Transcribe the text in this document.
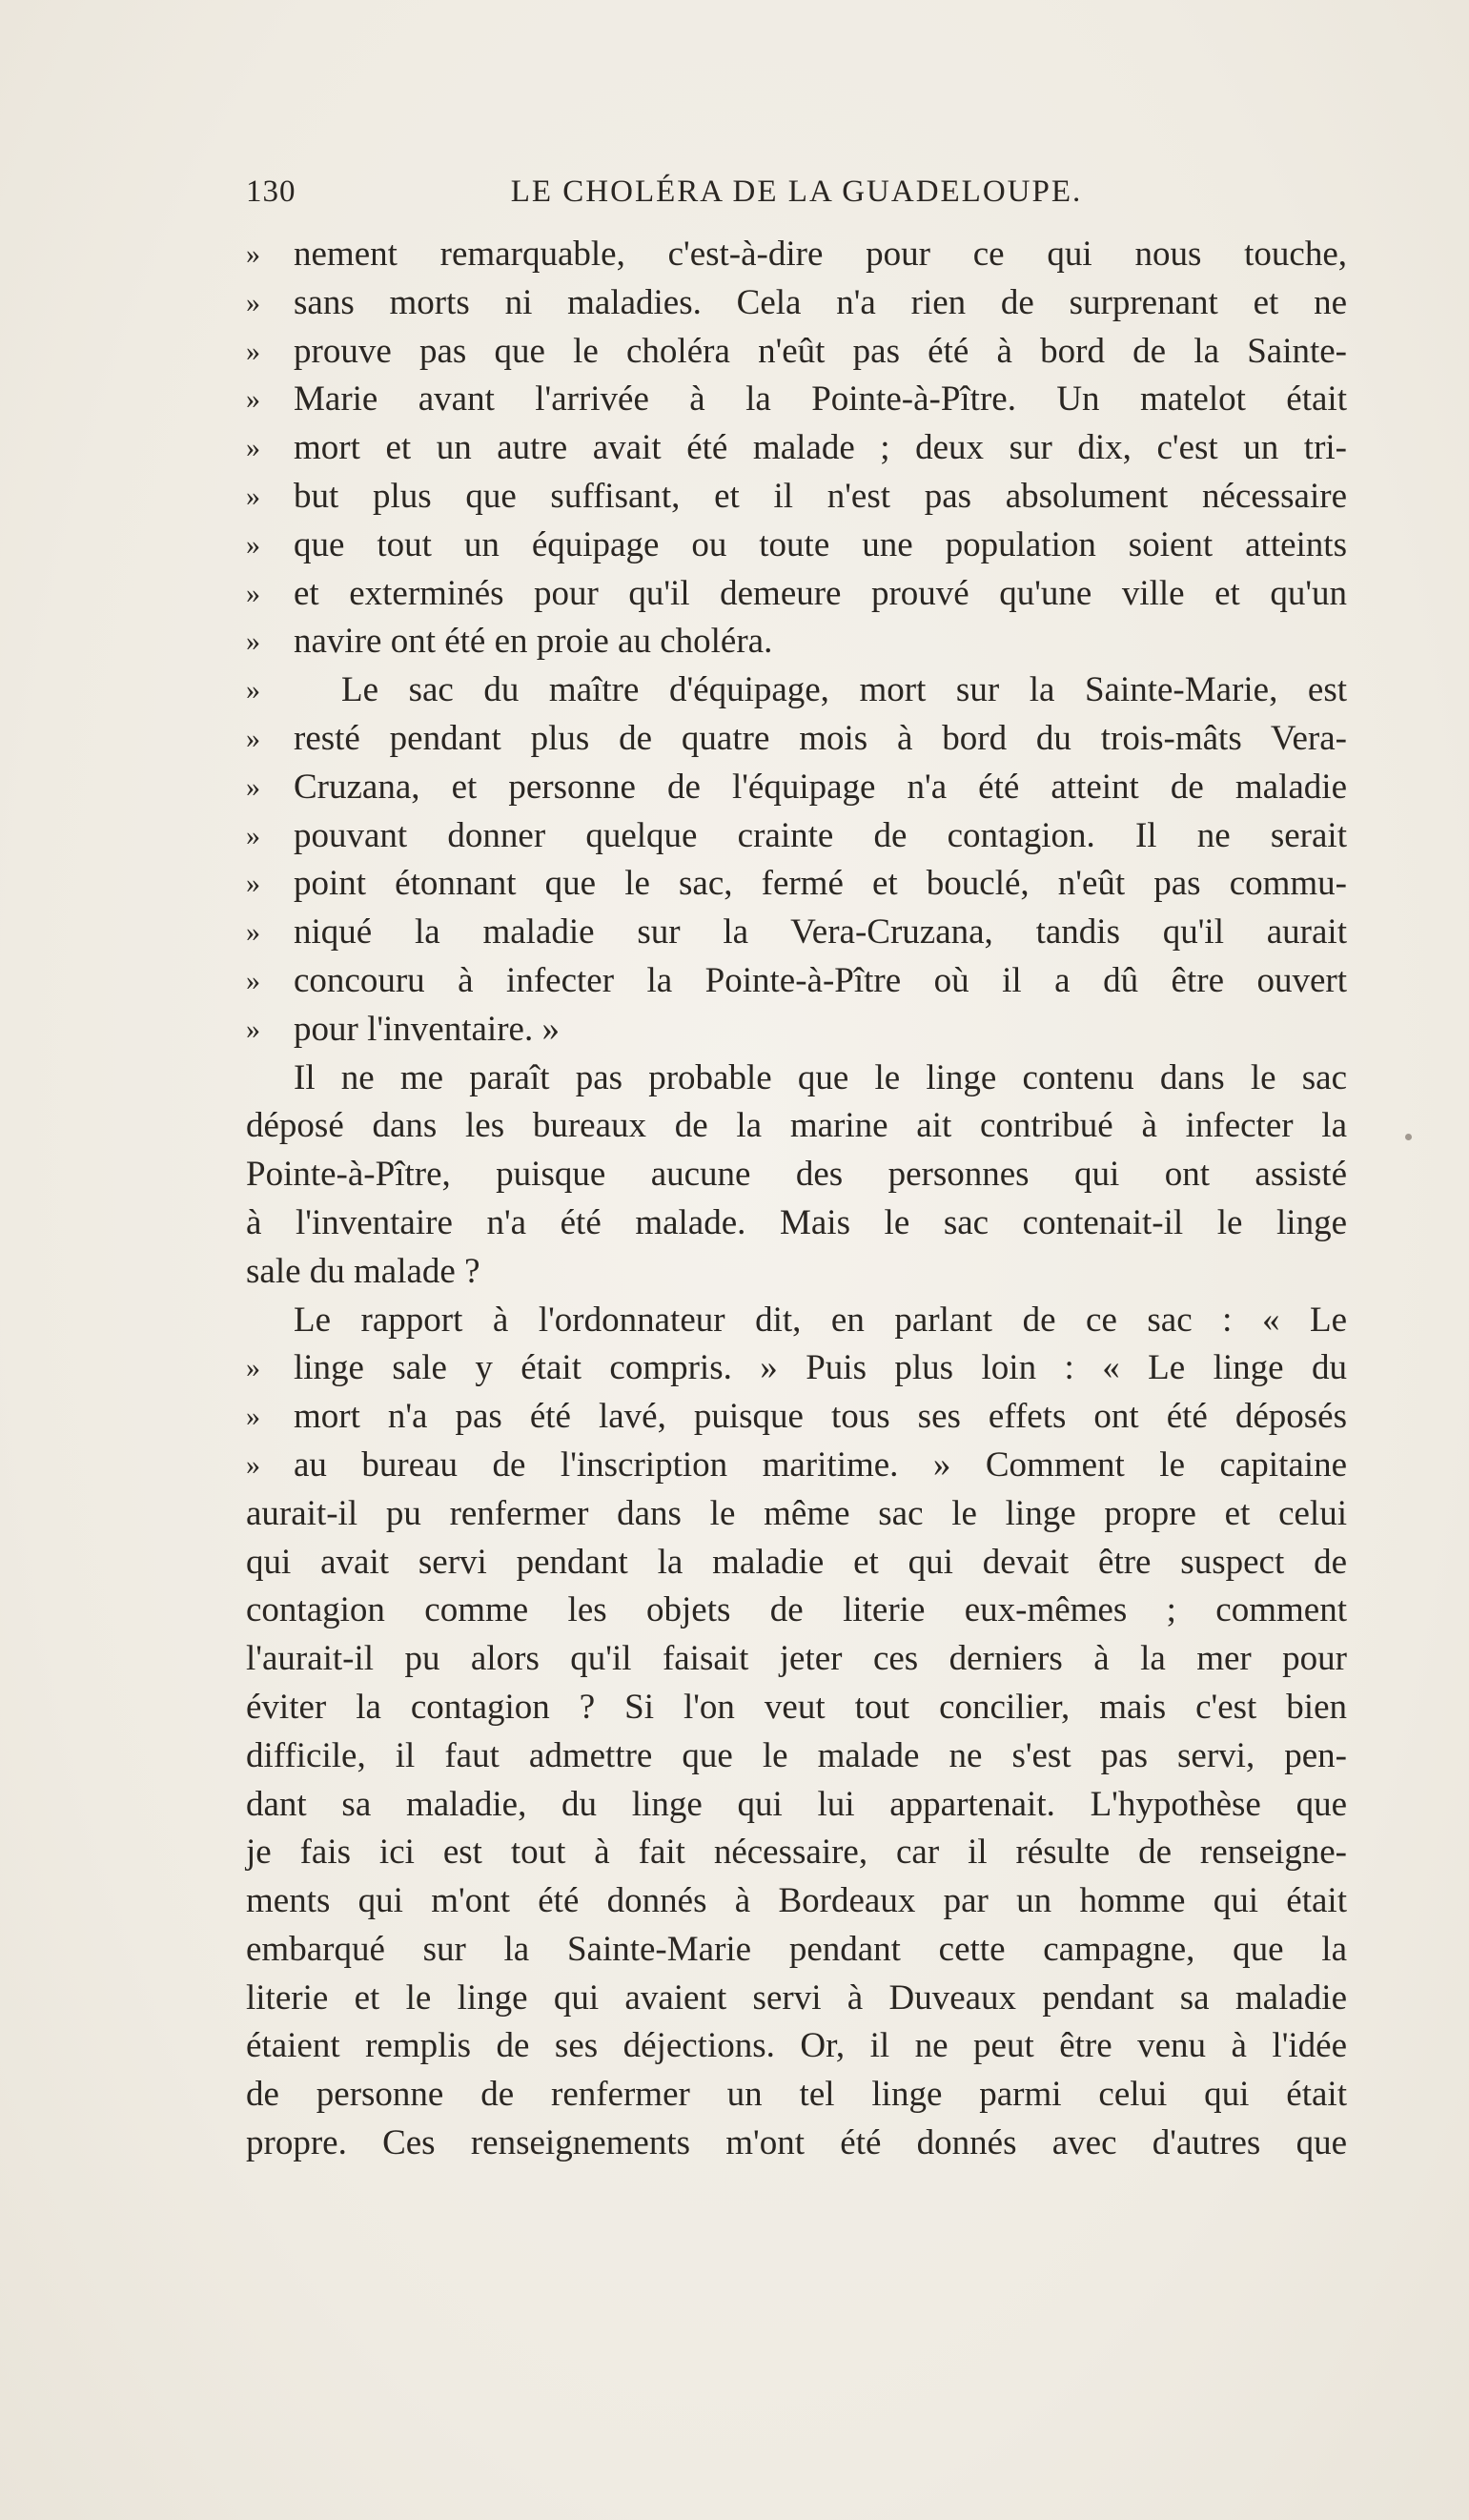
130	LE CHOLÉRA DE LA GUADELOUPE.
» nement remarquable, c'est-à-dire pour ce qui nous touche,
» sans morts ni maladies. Cela n'a rien de surprenant et ne
» prouve pas que le choléra n'eût pas été à bord de la Sainte-
» Marie avant l'arrivée à la Pointe-à-Pître. Un matelot était
» mort et un autre avait été malade ; deux sur dix, c'est un tri-
» but plus que suffisant, et il n'est pas absolument nécessaire
» que tout un équipage ou toute une population soient atteints
» et exterminés pour qu'il demeure prouvé qu'une ville et qu'un
» navire ont été en proie au choléra.
»	Le sac du maître d'équipage, mort sur la Sainte-Marie, est
» resté pendant plus de quatre mois à bord du trois-mâts Vera-
» Cruzana, et personne de l'équipage n'a été atteint de maladie
» pouvant donner quelque crainte de contagion. Il ne serait
» point étonnant que le sac, fermé et bouclé, n'eût pas commu-
» niqué la maladie sur la Vera-Cruzana, tandis qu'il aurait
» concouru à infecter la Pointe-à-Pître où il a dû être ouvert
» pour l'inventaire. »
Il ne me paraît pas probable que le linge contenu dans le sac
déposé dans les bureaux de la marine ait contribué à infecter la
Pointe-à-Pître, puisque aucune des personnes qui ont assisté
à l'inventaire n'a été malade. Mais le sac contenait-il le linge
sale du malade ?
Le rapport à l'ordonnateur dit, en parlant de ce sac : « Le
» linge sale y était compris. » Puis plus loin : « Le linge du
» mort n'a pas été lavé, puisque tous ses effets ont été déposés
» au bureau de l'inscription maritime. » Comment le capitaine
aurait-il pu renfermer dans le même sac le linge propre et celui
qui avait servi pendant la maladie et qui devait être suspect de
contagion comme les objets de literie eux-mêmes ; comment
l'aurait-il pu alors qu'il faisait jeter ces derniers à la mer pour
éviter la contagion ? Si l'on veut tout concilier, mais c'est bien
difficile, il faut admettre que le malade ne s'est pas servi, pen-
dant sa maladie, du linge qui lui appartenait. L'hypothèse que
je fais ici est tout à fait nécessaire, car il résulte de renseigne-
ments qui m'ont été donnés à Bordeaux par un homme qui était
embarqué sur la Sainte-Marie pendant cette campagne, que la
literie et le linge qui avaient servi à Duveaux pendant sa maladie
étaient remplis de ses déjections. Or, il ne peut être venu à l'idée
de personne de renfermer un tel linge parmi celui qui était
propre. Ces renseignements m'ont été donnés avec d'autres que
